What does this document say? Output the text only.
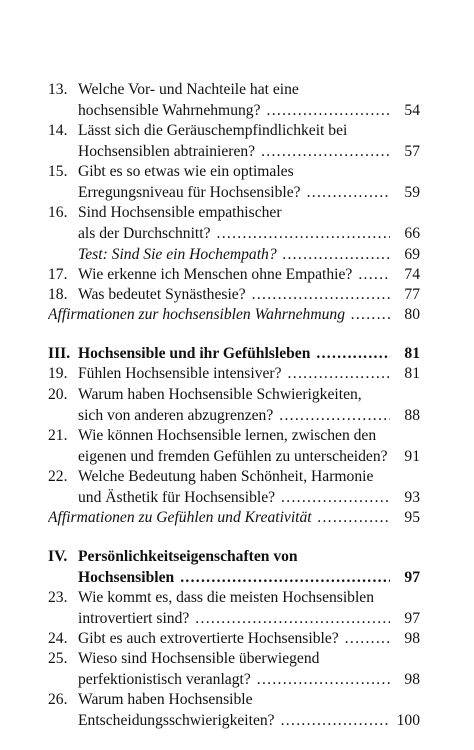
13. Welche Vor- und Nachteile hat eine
hochsensible Wahrnehmung? . . .	54
14. Lässt sich die Geräuschempfindlichkeit bei
Hochsensiblen abtrainieren? . . .	57
15. Gibt es so etwas wie ein optimales
Erregungsniveau für Hochsensible? . . .	59
16. Sind Hochsensible empathischer
als der Durchschnitt? . . .	66
Test: Sind Sie ein Hochempath? . . .	69
17. Wie erkenne ich Menschen ohne Empathie? . . .	74
18. Was bedeutet Synästhesie? . . .	77
Affirmationen zur hochsensiblen Wahrnehmung . . .	80
III. Hochsensible und ihr Gefühlsleben . . .	81
19. Fühlen Hochsensible intensiver? . . .	81
20. Warum haben Hochsensible Schwierigkeiten,
sich von anderen abzugrenzen? . . .	88
21. Wie können Hochsensible lernen, zwischen den
eigenen und fremden Gefühlen zu unterscheiden?	91
22. Welche Bedeutung haben Schönheit, Harmonie
und Ästhetik für Hochsensible? . . .	93
Affirmationen zu Gefühlen und Kreativität . . .	95
IV. Persönlichkeitseigenschaften von
Hochsensiblen . . .	97
23. Wie kommt es, dass die meisten Hochsensiblen
introvertiert sind? . . .	97
24. Gibt es auch extrovertierte Hochsensible? . . .	98
25. Wieso sind Hochsensible überwiegend
perfektionistisch veranlagt? . . .	98
26. Warum haben Hochsensible
Entscheidungsschwierigkeiten? . . .	100
